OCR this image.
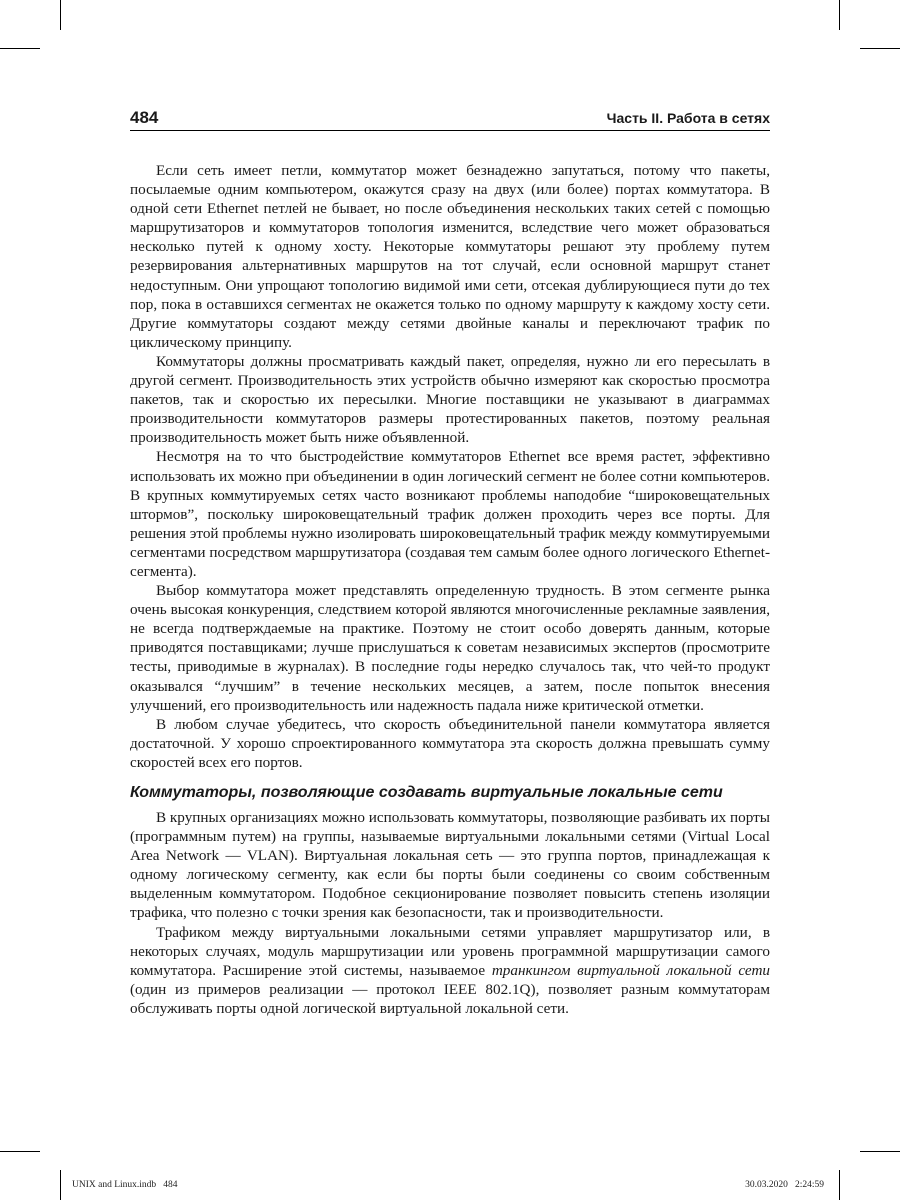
484	Часть II. Работа в сетях

Если сеть имеет петли, коммутатор может безнадежно запутаться, потому что пакеты, посылаемые одним компьютером, окажутся сразу на двух (или более) портах коммутатора. В одной сети Ethernet петлей не бывает, но после объединения нескольких таких сетей с помощью маршрутизаторов и коммутаторов топология изменится, вследствие чего может образоваться несколько путей к одному хосту. Некоторые коммутаторы решают эту проблему путем резервирования альтернативных маршрутов на тот случай, если основной маршрут станет недоступным. Они упрощают топологию видимой ими сети, отсекая дублирующиеся пути до тех пор, пока в оставшихся сегментах не окажется только по одному маршруту к каждому хосту сети. Другие коммутаторы создают между сетями двойные каналы и переключают трафик по циклическому принципу.

Коммутаторы должны просматривать каждый пакет, определяя, нужно ли его пересылать в другой сегмент. Производительность этих устройств обычно измеряют как скоростью просмотра пакетов, так и скоростью их пересылки. Многие поставщики не указывают в диаграммах производительности коммутаторов размеры протестированных пакетов, поэтому реальная производительность может быть ниже объявленной.

Несмотря на то что быстродействие коммутаторов Ethernet все время растет, эффективно использовать их можно при объединении в один логический сегмент не более сотни компьютеров. В крупных коммутируемых сетях часто возникают проблемы наподобие “широковещательных штормов”, поскольку широковещательный трафик должен проходить через все порты. Для решения этой проблемы нужно изолировать широковещательный трафик между коммутируемыми сегментами посредством маршрутизатора (создавая тем самым более одного логического Ethernet-сегмента).

Выбор коммутатора может представлять определенную трудность. В этом сегменте рынка очень высокая конкуренция, следствием которой являются многочисленные рекламные заявления, не всегда подтверждаемые на практике. Поэтому не стоит особо доверять данным, которые приводятся поставщиками; лучше прислушаться к советам независимых экспертов (просмотрите тесты, приводимые в журналах). В последние годы нередко случалось так, что чей-то продукт оказывался “лучшим” в течение нескольких месяцев, а затем, после попыток внесения улучшений, его производительность или надежность падала ниже критической отметки.

В любом случае убедитесь, что скорость объединительной панели коммутатора является достаточной. У хорошо спроектированного коммутатора эта скорость должна превышать сумму скоростей всех его портов.

Коммутаторы, позволяющие создавать виртуальные локальные сети

В крупных организациях можно использовать коммутаторы, позволяющие разбивать их порты (программным путем) на группы, называемые виртуальными локальными сетями (Virtual Local Area Network — VLAN). Виртуальная локальная сеть — это группа портов, принадлежащая к одному логическому сегменту, как если бы порты были соединены со своим собственным выделенным коммутатором. Подобное секционирование позволяет повысить степень изоляции трафика, что полезно с точки зрения как безопасности, так и производительности.

Трафиком между виртуальными локальными сетями управляет маршрутизатор или, в некоторых случаях, модуль маршрутизации или уровень программной маршрутизации самого коммутатора. Расширение этой системы, называемое транкингом виртуальной локальной сети (один из примеров реализации — протокол IEEE 802.1Q), позволяет разным коммутаторам обслуживать порты одной логической виртуальной локальной сети.

UNIX and Linux.indb   484	30.03.2020   2:24:59
